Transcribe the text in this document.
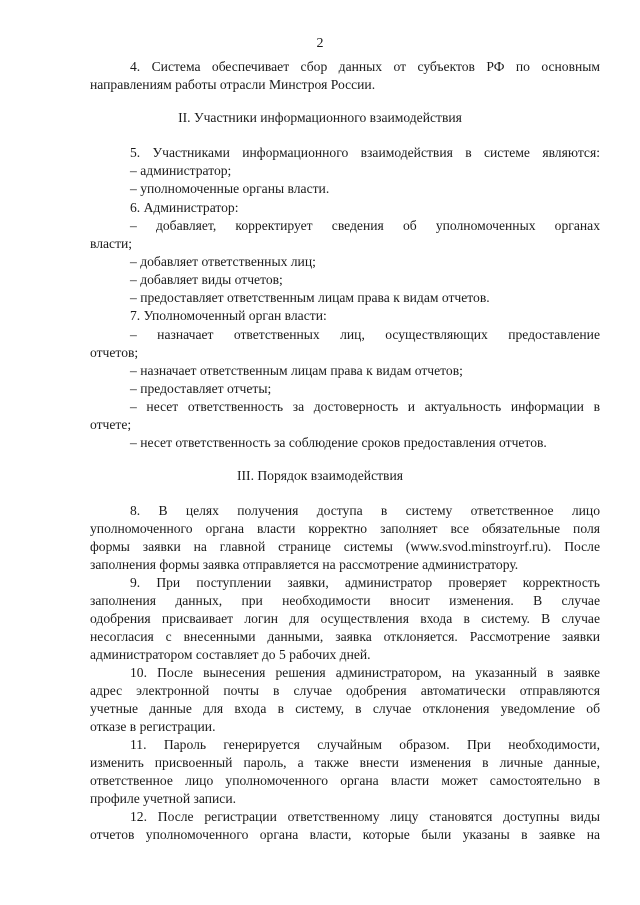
2
4. Система обеспечивает сбор данных от субъектов РФ по основным
направлениям работы отрасли Минстроя России.
II. Участники информационного взаимодействия
5. Участниками информационного взаимодействия в системе являются:
– администратор;
– уполномоченные органы власти.
6. Администратор:
– добавляет, корректирует сведения об уполномоченных органах
власти;
– добавляет ответственных лиц;
– добавляет виды отчетов;
– предоставляет ответственным лицам права к видам отчетов.
7. Уполномоченный орган власти:
– назначает ответственных лиц, осуществляющих предоставление
отчетов;
– назначает ответственным лицам права к видам отчетов;
– предоставляет отчеты;
– несет ответственность за достоверность и актуальность информации в
отчете;
– несет ответственность за соблюдение сроков предоставления отчетов.
III. Порядок взаимодействия
8. В целях получения доступа в систему ответственное лицо
уполномоченного органа власти корректно заполняет все обязательные поля
формы заявки на главной странице системы (www.svod.minstroyrf.ru). После
заполнения формы заявка отправляется на рассмотрение администратору.
9. При поступлении заявки, администратор проверяет корректность
заполнения данных, при необходимости вносит изменения. В случае
одобрения присваивает логин для осуществления входа в систему. В случае
несогласия с внесенными данными, заявка отклоняется. Рассмотрение заявки
администратором составляет до 5 рабочих дней.
10. После вынесения решения администратором, на указанный в заявке
адрес электронной почты в случае одобрения автоматически отправляются
учетные данные для входа в систему, в случае отклонения уведомление об
отказе в регистрации.
11. Пароль генерируется случайным образом. При необходимости,
изменить присвоенный пароль, а также внести изменения в личные данные,
ответственное лицо уполномоченного органа власти может самостоятельно в
профиле учетной записи.
12. После регистрации ответственному лицу становятся доступны виды
отчетов уполномоченного органа власти, которые были указаны в заявке на
